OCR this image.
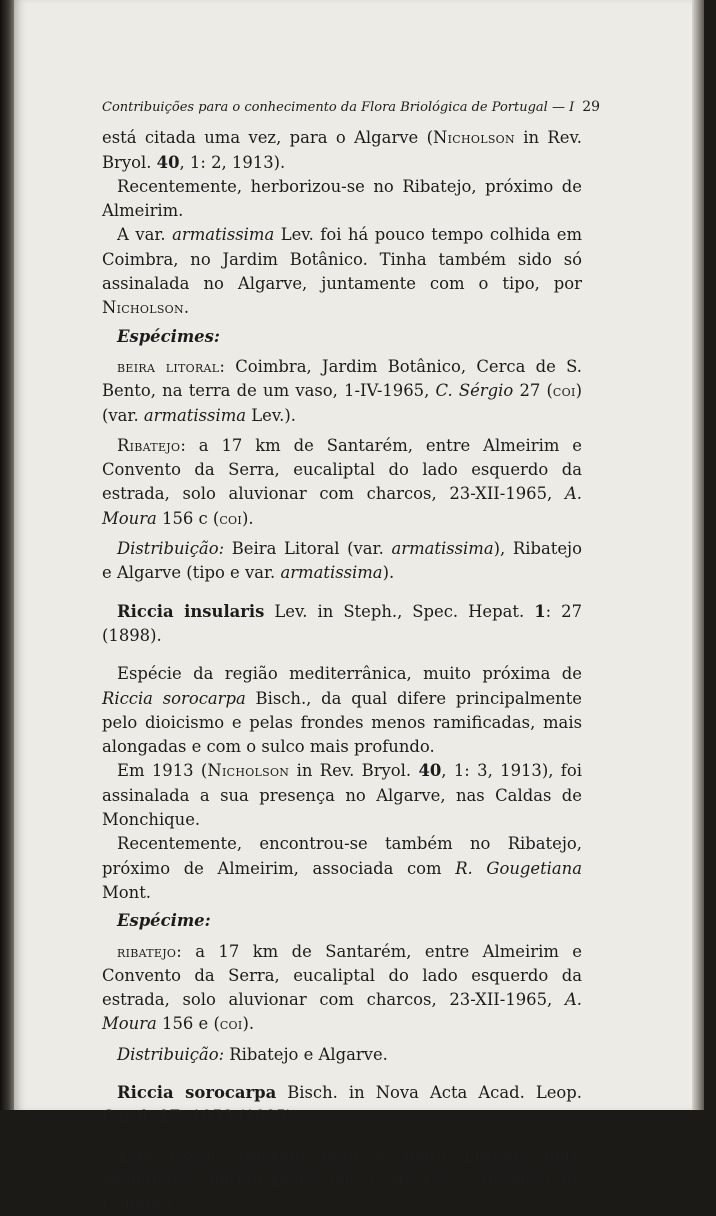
Contribuições para o conhecimento da Flora Briológica de Portugal — I 29

está citada uma vez, para o Algarve (Nicholson in Rev. Bryol. 40, 1: 2, 1913).

Recentemente, herborizou-se no Ribatejo, próximo de Almeirim.

A var. armatissima Lev. foi há pouco tempo colhida em Coimbra, no Jardim Botânico. Tinha também sido só assinalada no Algarve, juntamente com o tipo, por Nicholson.

Espécimes:

beira litoral: Coimbra, Jardim Botânico, Cerca de S. Bento, na terra de um vaso, 1-IV-1965, C. Sérgio 27 (coi) (var. armatissima Lev.).

Ribatejo: a 17 km de Santarém, entre Almeirim e Convento da Serra, eucaliptal do lado esquerdo da estrada, solo aluvionar com charcos, 23-XII-1965, A. Moura 156 c (coi).

Distribuição: Beira Litoral (var. armatissima), Ribatejo e Algarve (tipo e var. armatissima).

Riccia insularis Lev. in Steph., Spec. Hepat. 1: 27 (1898).

Espécie da região mediterrânica, muito próxima de Riccia sorocarpa Bisch., da qual difere principalmente pelo dioicismo e pelas frondes menos ramificadas, mais alongadas e com o sulco mais profundo.

Em 1913 (Nicholson in Rev. Bryol. 40, 1: 3, 1913), foi assinalada a sua presença no Algarve, nas Caldas de Monchique.

Recentemente, encontrou-se também no Ribatejo, próximo de Almeirim, associada com R. Gougetiana Mont.

Espécime:

ribatejo: a 17 km de Santarém, entre Almeirim e Convento da Serra, eucaliptal do lado esquerdo da estrada, solo aluvionar com charcos, 23-XII-1965, A. Moura 156 e (coi).

Distribuição: Ribatejo e Algarve.

Riccia sorocarpa Bisch. in Nova Acta Acad. Leop. Carol. 17: 1053 (1835).

Este taxon, referido para a Beira Litoral sobre exemplares herborizados por J. Henriques próximo de Coimbra
